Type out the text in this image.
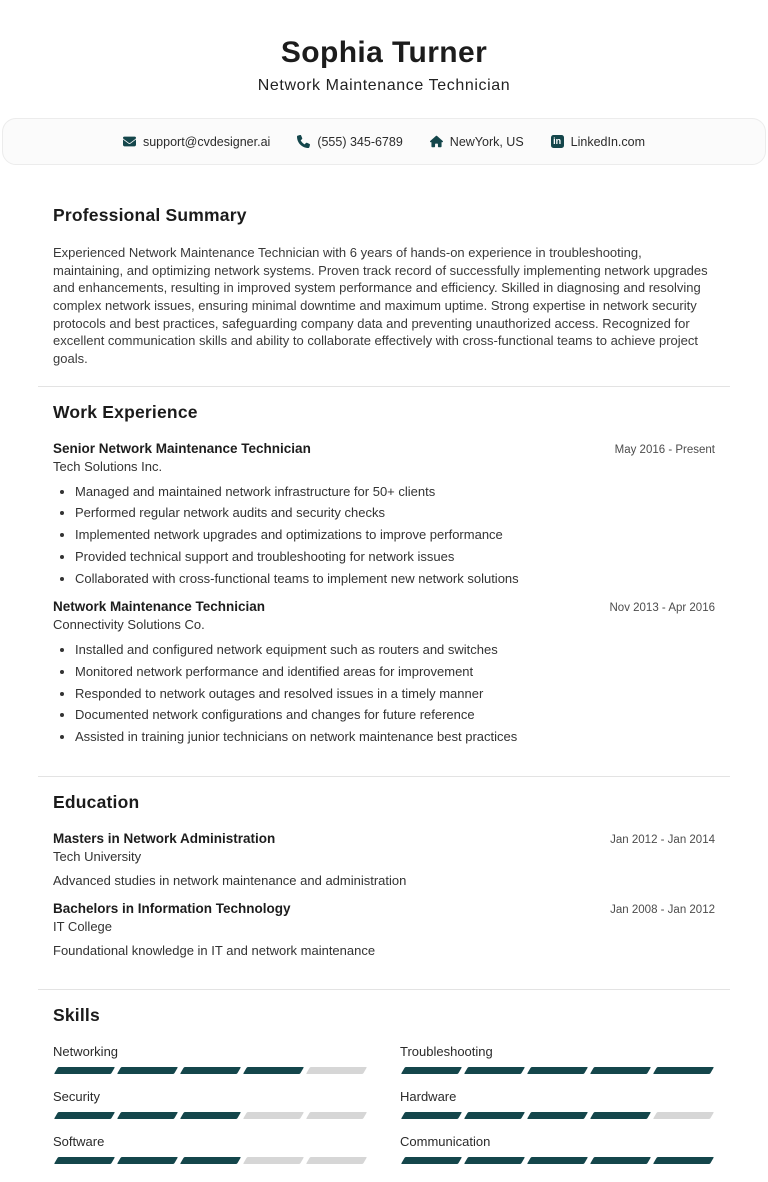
Sophia Turner
Network Maintenance Technician
support@cvdesigner.ai	(555) 345-6789	NewYork, US	in LinkedIn.com
Professional Summary

Experienced Network Maintenance Technician with 6 years of hands-on experience in troubleshooting, maintaining, and optimizing network systems. Proven track record of successfully implementing network upgrades and enhancements, resulting in improved system performance and efficiency. Skilled in diagnosing and resolving complex network issues, ensuring minimal downtime and maximum uptime. Strong expertise in network security protocols and best practices, safeguarding company data and preventing unauthorized access. Recognized for excellent communication skills and ability to collaborate effectively with cross-functional teams to achieve project goals.

Work Experience
Senior Network Maintenance Technician	May 2016 - Present
Tech Solutions Inc.
• Managed and maintained network infrastructure for 50+ clients
• Performed regular network audits and security checks
• Implemented network upgrades and optimizations to improve performance
• Provided technical support and troubleshooting for network issues
• Collaborated with cross-functional teams to implement new network solutions
Network Maintenance Technician	Nov 2013 - Apr 2016
Connectivity Solutions Co.
• Installed and configured network equipment such as routers and switches
• Monitored network performance and identified areas for improvement
• Responded to network outages and resolved issues in a timely manner
• Documented network configurations and changes for future reference
• Assisted in training junior technicians on network maintenance best practices
Education
Masters in Network Administration	Jan 2012 - Jan 2014
Tech University
Advanced studies in network maintenance and administration
Bachelors in Information Technology	Jan 2008 - Jan 2012
IT College
Foundational knowledge in IT and network maintenance
Skills
Networking	Troubleshooting
Security	Hardware
Software	Communication
